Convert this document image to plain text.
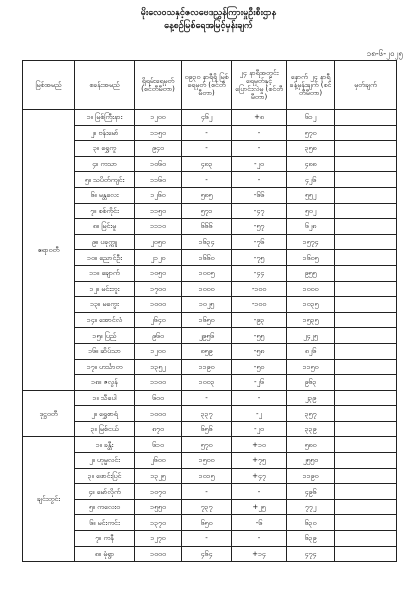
မိုးလေဝသနှင့်ဇလဗေဒညွှန်ကြားမှုဦးစီးဌာန
နေ့စဉ်မြစ်ရေအမြင့်မှန်းချက်
၁၈-၆-၂၀၂၅
မြစ်အမည်	စခန်းအမည်	ရှိရမ်းရေမှတ် (စင်တီမီတာ)	၀၉၃၀ နာရီရှိ မြစ်ရေမှတ် (စင်တီမီတာ)	၂၄ နာရီအတွင်း ရေမှတ်နှင့်ပြောင်းလဲမှု (စင်တီမီတာ)	နောက် ၂၄ နာရီ ခန့်မှန်းချက် (စင်တီမီတာ)	မှတ်ချက်
ဧရာဝတီ	၁။ မြစ်ကြီးနား	၁၂၀၀	၄၆၂	+၈	၆၁၂	
	၂။ ဗန်းမော်	၁၁၅၀	-	-	၅၇၀	
	၃။ ရွှေကူ	၉၄၀	-	-	၃၅၈	
	၄။ ကသာ	၁၀၆၀	၄၈၃	-၂၀	၄၈၈	
	၅။ သပိတ်ကျင်း	၁၁၆၀	-	-	၄၂၆	
	၆။ မန္တလေး	၁၂၆၀	၅၈၅	-၆၆	၅၅၂	
	၇။ စစ်ကိုင်း	၁၁၅၀	၅၇၁	-၄၇	၅၀၂	
	၈။ မြင်းမူ	၁၁၁၀	၆၆၆	-၅၇	၆၂၈	
	၉။ ပခုက္ကူ	၂၀၅၀	၁၆၃၄	-၇၆	၁၅၇၄	
	၁၀။ ညောင်ဦး	၂၁၂၀	၁၆၆၀	-၇၅	၁၆၀၅	
	၁၁။ ချောက်	၁၀၅၀	၁၀၀၅	-၄၄	၉၅၅	
	၁၂။ မင်းဘူး	၁၇၀၀	၁၀၀၀	-၁၀၀	၁၀၀၀	
	၁၃။ မကွေး	၁၀၀၀	၁၀၂၅	-၁၀၀	၁၀၃၅	
	၁၄။ အောင်လံ	၂၆၄၀	၁၆၅၀	-၉၃	၁၅၃၅	
	၁၅။ ပြည်	၉၆၀	၂၉၅၆	-၅၅	၂၄၂၅	
	၁၆။ ဆိပ်သာ	၁၂၀၀	၈၅၉	-၅၈	၈၂၆	
	၁၇။ ဟင်္သာတ	၁၃၅၂	၁၁၉၀	-၅၀	၁၁၅၀	
	၁၈။ ဇလွန်	၁၁၀၀	၁၀၀၃	-၂၆	၉၆၃	
ဒုဋ္ဌဝတီ	၁။ သီပေါ	၆၀၀	-	-	၂၃၉	
	၂။ ရွှေစာရံ	၁၀၀၀	၃၃၇	-၂	၃၅၇	
	၃။ မြစ်ငယ်	၈၇၀	၆၅၆	-၂၀	၃၃၉	
ချင်းတွင်း	၁။ ခန္တီး	၆၁၀	၅၇၀	+၁၀	၅၈၀	
	၂။ ဟုမ္မလင်း	၂၆၀၀	၁၅၀၀	+၇၅	၂၅၅၀	
	၃။ ဖောင်းပြင်	၁၃၂၅	၁၀၁၅	+၄၇	၁၁၉၀	
	၄။ မော်လိုက်	၁၀၇၀	-	-	၄၉၆	
	၅။ ကလေးဝ	၁၅၅၀	၇၃၇	+၂၅	၇၇၂	
	၆။ မင်းကင်း	၁၃၇၀	၆၅၀	-၆	၆၃၀	
	၇။ ကနီ	၁၂၇၀	-	-	၆၃၉	
	၈။ မုံရွာ	၁၀၀၀	၄၆၄	+၁၄	၄၇၄	
